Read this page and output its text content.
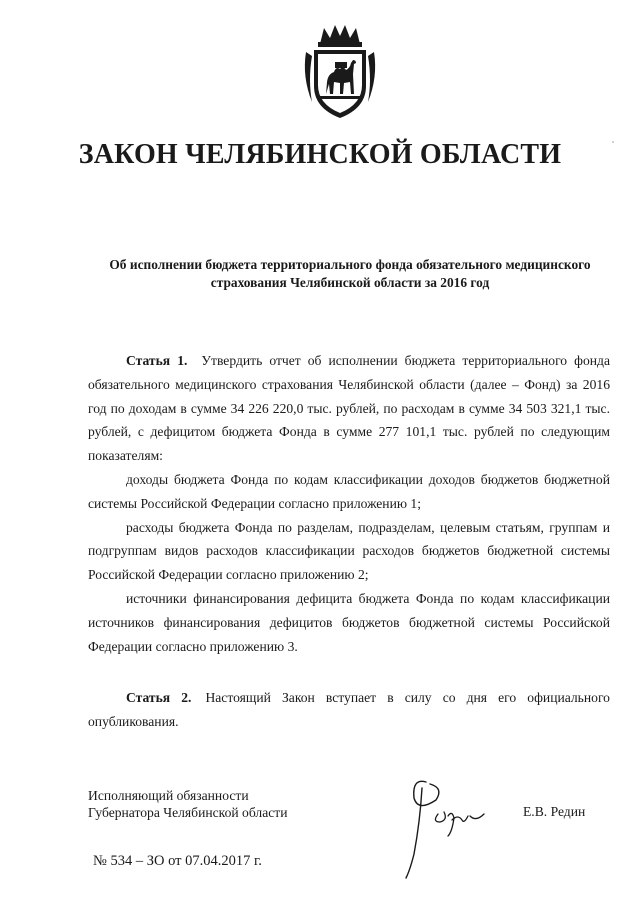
ЗАКОН ЧЕЛЯБИНСКОЙ ОБЛАСТИ
Об исполнении бюджета территориального фонда обязательного медицинского
страхования Челябинской области за 2016 год

Статья 1. Утвердить отчет об исполнении бюджета территориального фонда обязательного медицинского страхования Челябинской области (далее – Фонд) за 2016 год по доходам в сумме 34 226 220,0 тыс. рублей, по расходам в сумме 34 503 321,1 тыс. рублей, с дефицитом бюджета Фонда в сумме 277 101,1 тыс. рублей по следующим показателям:

доходы бюджета Фонда по кодам классификации доходов бюджетов бюджетной системы Российской Федерации согласно приложению 1;

расходы бюджета Фонда по разделам, подразделам, целевым статьям, группам и подгруппам видов расходов классификации расходов бюджетов бюджетной системы Российской Федерации согласно приложению 2;

источники финансирования дефицита бюджета Фонда по кодам классификации источников финансирования дефицитов бюджетов бюджетной системы Российской Федерации согласно приложению 3.

Статья 2. Настоящий Закон вступает в силу со дня его официального опубликования.

Исполняющий обязанности
Губернатора Челябинской области	Е.В. Редин
№ 534 – ЗО от 07.04.2017 г.
